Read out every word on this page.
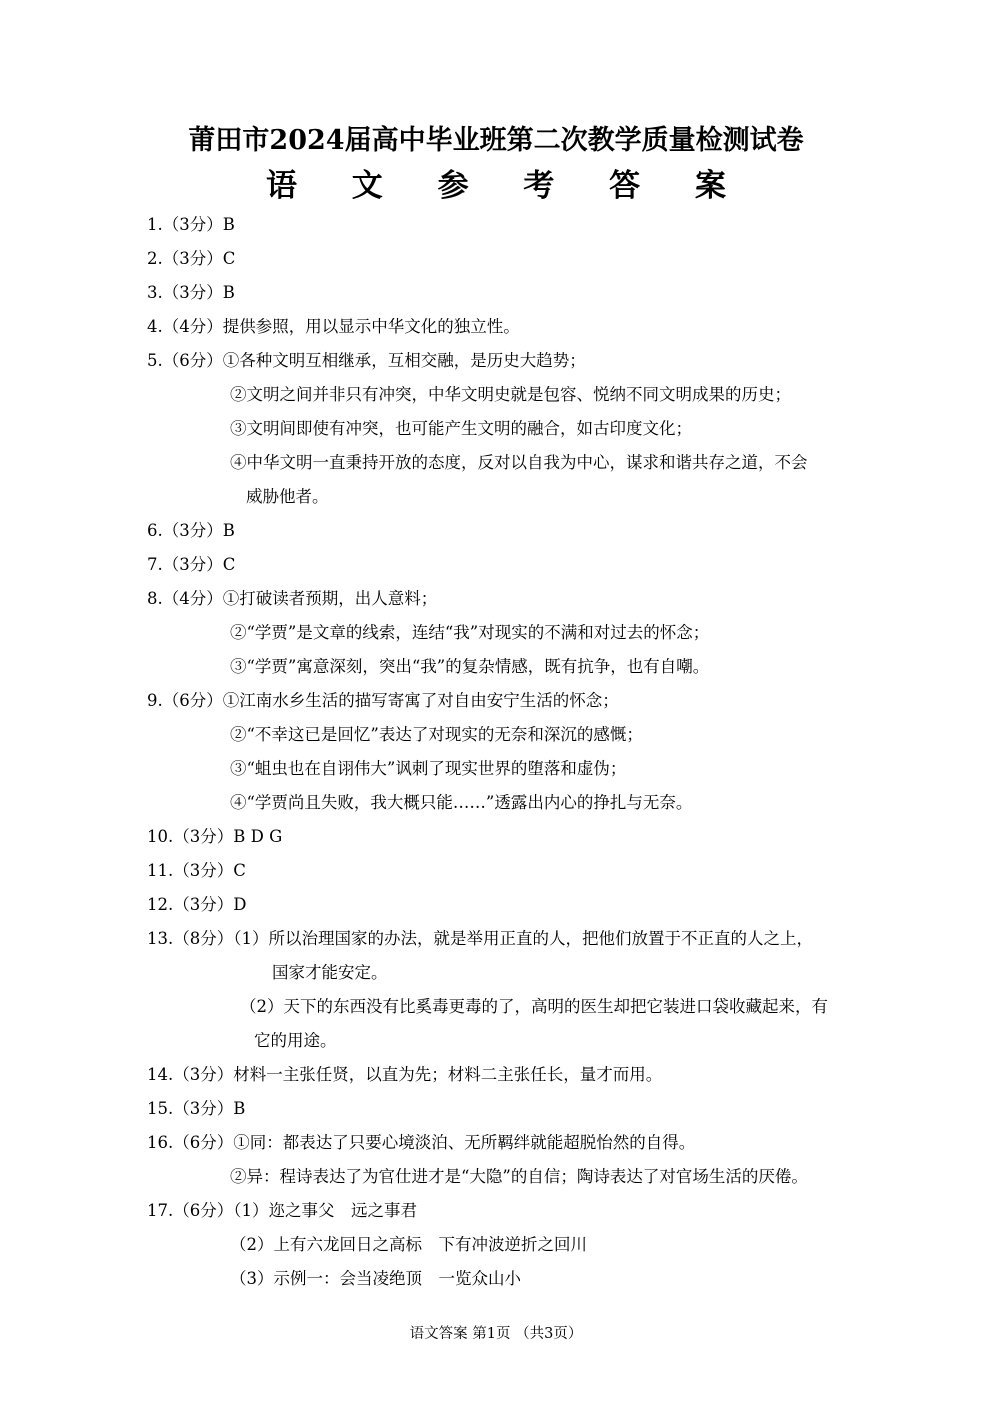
莆田市2024届高中毕业班第二次教学质量检测试卷
语 文 参 考 答 案
1.（3分）B
2.（3分）C
3.（3分）B
4.（4分）提供参照，用以显示中华文化的独立性。
5.（6分）①各种文明互相继承，互相交融，是历史大趋势；
②文明之间并非只有冲突，中华文明史就是包容、悦纳不同文明成果的历史；
③文明间即使有冲突，也可能产生文明的融合，如古印度文化；
④中华文明一直秉持开放的态度，反对以自我为中心，谋求和谐共存之道，不会
威胁他者。
6.（3分）B
7.（3分）C
8.（4分）①打破读者预期，出人意料；
②“学贾”是文章的线索，连结“我”对现实的不满和对过去的怀念；
③“学贾”寓意深刻，突出“我”的复杂情感，既有抗争，也有自嘲。
9.（6分）①江南水乡生活的描写寄寓了对自由安宁生活的怀念；
②“不幸这已是回忆”表达了对现实的无奈和深沉的感慨；
③“蛆虫也在自诩伟大”讽刺了现实世界的堕落和虚伪；
④“学贾尚且失败，我大概只能……”透露出内心的挣扎与无奈。
10.（3分）B D G
11.（3分）C
12.（3分）D
13.（8分）（1）所以治理国家的办法，就是举用正直的人，把他们放置于不正直的人之上，
国家才能安定。
（2）天下的东西没有比奚毒更毒的了，高明的医生却把它装进口袋收藏起来，有
它的用途。
14.（3分）材料一主张任贤，以直为先；材料二主张任长，量才而用。
15.（3分）B
16.（6分）①同：都表达了只要心境淡泊、无所羁绊就能超脱怡然的自得。
②异：程诗表达了为官仕进才是“大隐”的自信；陶诗表达了对官场生活的厌倦。
17.（6分）（1）迩之事父　远之事君
（2）上有六龙回日之高标　下有冲波逆折之回川
（3）示例一：会当凌绝顶　一览众山小
语文答案 第1页 （共3页）
